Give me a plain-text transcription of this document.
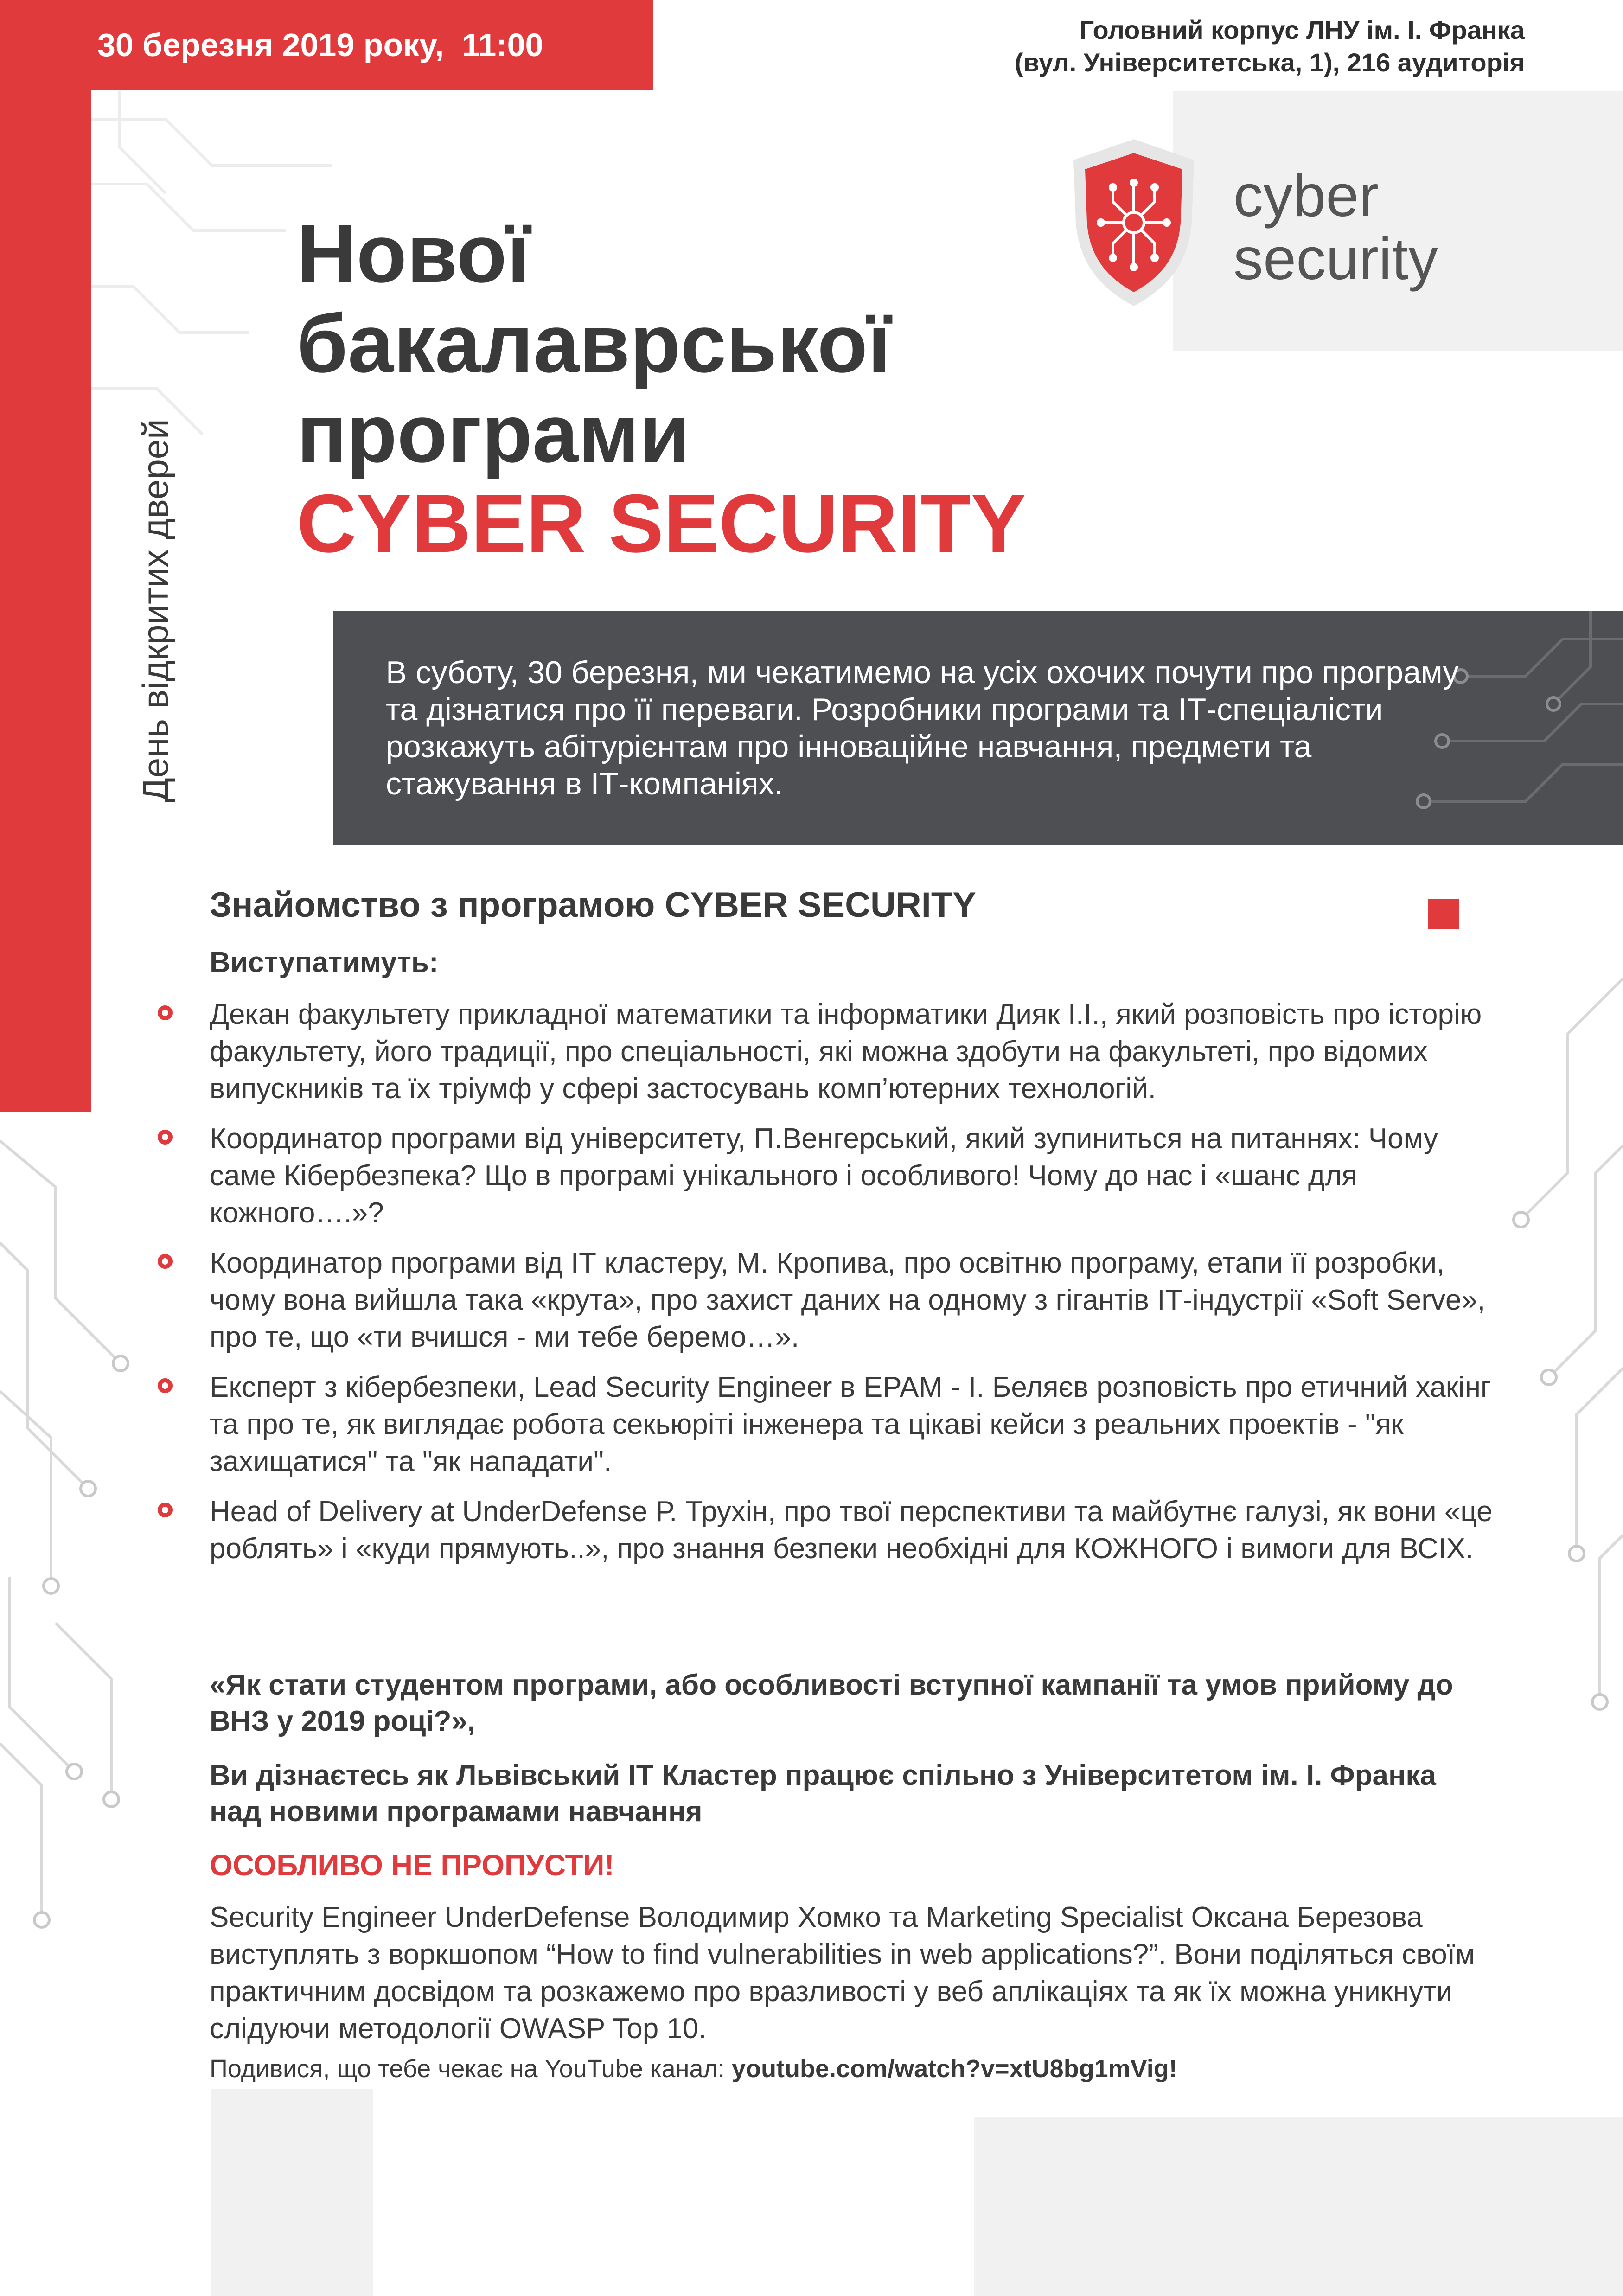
30 березня 2019 року,  11:00	Головний корпус ЛНУ ім. І. Франка
(вул. Університетська, 1), 216 аудиторія
День відкритих дверей
Нової
бакалаврської
програми
CYBER SECURITY
cyber
security
В суботу, 30 березня, ми чекатимемо на усіх охочих почути про програму та дізнатися про її переваги. Розробники програми та ІТ-спеціалісти розкажуть абітурієнтам про інноваційне навчання, предмети та стажування в ІТ-компаніях.
Знайомство з програмою CYBER SECURITY
Виступатимуть:
Декан факультету прикладної математики та інформатики Дияк І.І., який розповість про історію факультету, його традиції, про спеціальності, які можна здобути на факультеті, про відомих випускників та їх тріумф у сфері застосувань комп’ютерних технологій.
Координатор програми від університету, П.Венгерський, який зупиниться на питаннях: Чому саме Кібербезпека? Що в програмі унікального і особливого! Чому до нас і «шанс для кожного….»?
Координатор програми від ІТ кластеру, М. Кропива, про освітню програму, етапи її розробки, чому вона вийшла така «крута», про захист даних на одному з гігантів ІТ-індустрії «Soft Serve», про те, що «ти вчишся - ми тебе беремо…».
Експерт з кібербезпеки, Lead Security Engineer в EPAM - І. Беляєв розповість про етичний хакінг та про те, як виглядає робота секьюріті інженера та цікаві кейси з реальних проектів - "як захищатися" та "як нападати".
Head of Delivery at UnderDefense Р. Трухін, про твої перспективи та майбутнє галузі, як вони «це роблять» і «куди прямують..», про знання безпеки необхідні для КОЖНОГО і вимоги для ВСІХ.
«Як стати студентом програми, або особливості вступної кампанії та умов прийому до ВНЗ у 2019 році?»,
Ви дізнаєтесь як Львівський ІТ Кластер працює спільно з Університетом ім. І. Франка над новими програмами навчання
ОСОБЛИВО НЕ ПРОПУСТИ!
Security Engineer UnderDefense Володимир Хомко та Marketing Specialist Оксана Березова виступлять з воркшопом “How to find vulnerabilities in web applications?”. Вони поділяться своїм практичним досвідом та розкажемо про вразливості у веб аплікаціях та як їх можна уникнути слідуючи методології OWASP Top 10.
Подивися, що тебе чекає на YouTube канал: youtube.com/watch?v=xtU8bg1mVig!
